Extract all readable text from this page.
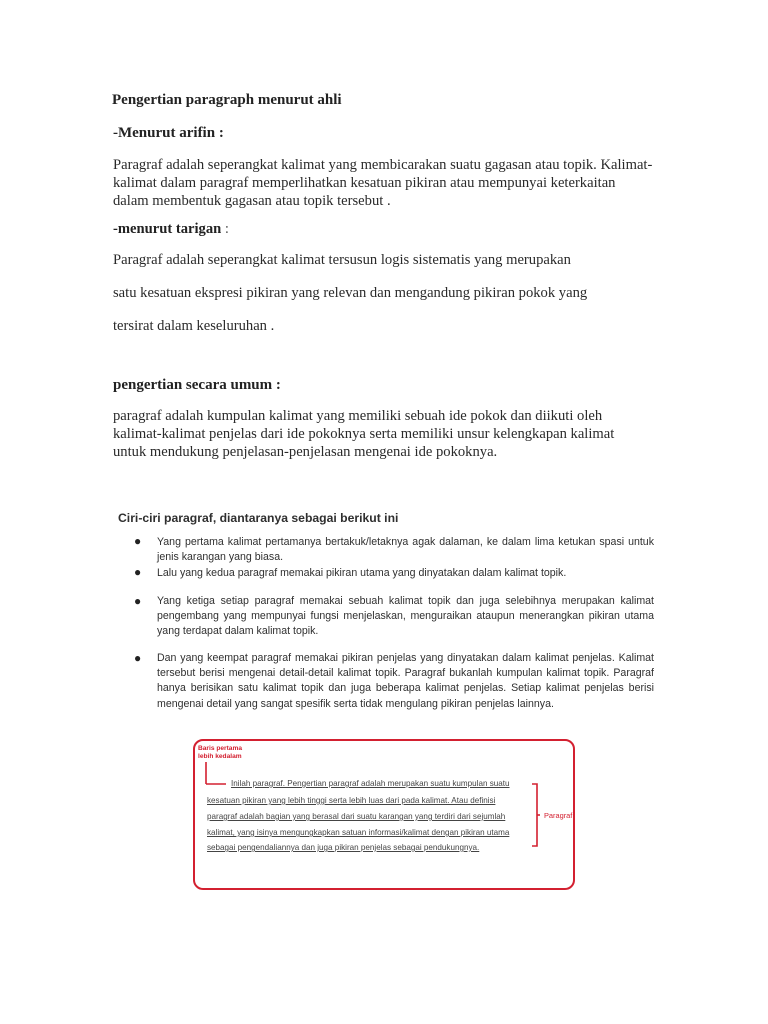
Pengertian paragraph menurut ahli
-Menurut arifin :
Paragraf adalah seperangkat kalimat yang membicarakan suatu gagasan atau topik. Kalimat-kalimat dalam paragraf memperlihatkan kesatuan pikiran atau mempunyai keterkaitan dalam membentuk gagasan atau topik tersebut .
-menurut tarigan :
Paragraf adalah seperangkat kalimat tersusun logis sistematis yang merupakan
satu kesatuan ekspresi pikiran yang relevan dan mengandung pikiran pokok yang
tersirat dalam keseluruhan .
pengertian secara umum :
paragraf adalah kumpulan kalimat yang memiliki sebuah ide pokok dan diikuti oleh kalimat-kalimat penjelas dari ide pokoknya serta memiliki unsur kelengkapan kalimat untuk mendukung penjelasan-penjelasan mengenai ide pokoknya.
Ciri-ciri paragraf, diantaranya sebagai berikut ini
● Yang pertama kalimat pertamanya bertakuk/letaknya agak dalaman, ke dalam lima ketukan spasi untuk jenis karangan yang biasa.
● Lalu yang kedua paragraf memakai pikiran utama yang dinyatakan dalam kalimat topik.
● Yang ketiga setiap paragraf memakai sebuah kalimat topik dan juga selebihnya merupakan kalimat pengembang yang mempunyai fungsi menjelaskan, menguraikan ataupun menerangkan pikiran utama yang terdapat dalam kalimat topik.
● Dan yang keempat paragraf memakai pikiran penjelas yang dinyatakan dalam kalimat penjelas. Kalimat tersebut berisi mengenai detail-detail kalimat topik. Paragraf bukanlah kumpulan kalimat topik. Paragraf hanya berisikan satu kalimat topik dan juga beberapa kalimat penjelas. Setiap kalimat penjelas berisi mengenai detail yang sangat spesifik serta tidak mengulang pikiran penjelas lainnya.
Baris pertama
lebih kedalam
Paragraf
Inilah paragraf. Pengertian paragraf adalah merupakan suatu kumpulan suatu
kesatuan pikiran yang lebih tinggi serta lebih luas dari pada kalimat. Atau definisi
paragraf adalah bagian yang berasal dari suatu karangan yang terdiri dari sejumlah
kalimat, yang isinya mengungkapkan satuan informasi/kalimat dengan pikiran utama
sebagai pengendaliannya dan juga pikiran penjelas sebagai pendukungnya.
